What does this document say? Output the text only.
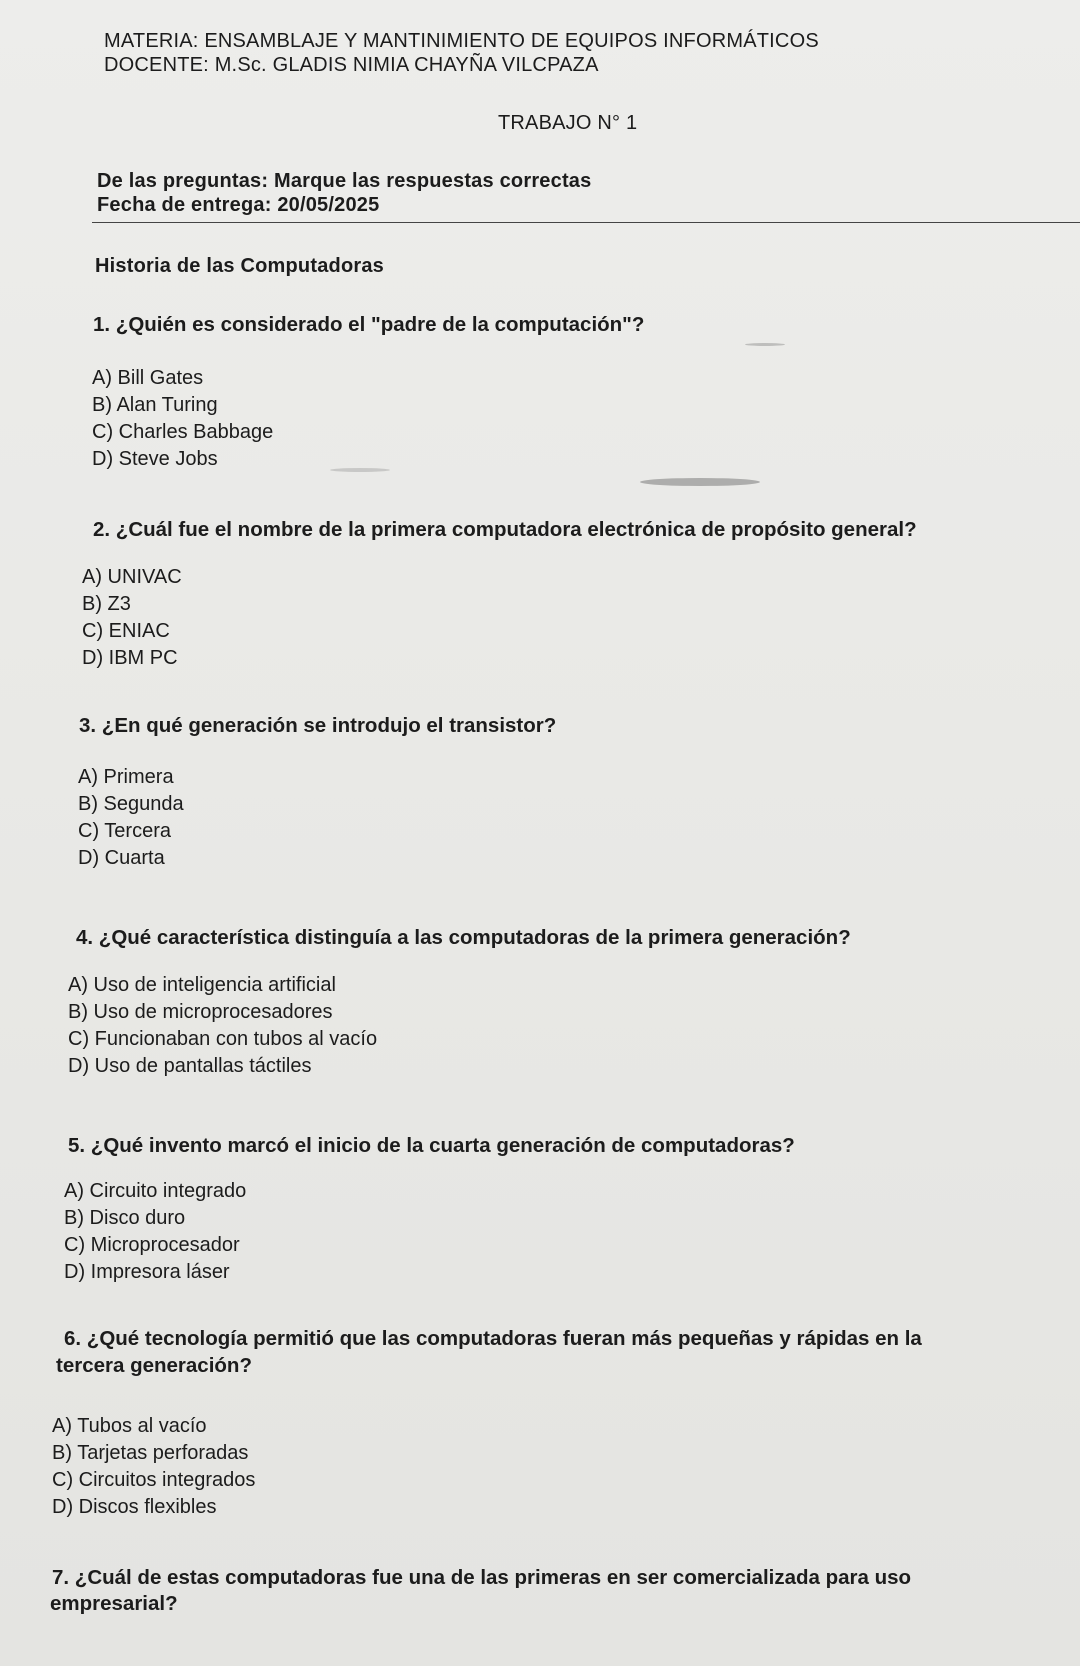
MATERIA: ENSAMBLAJE Y MANTINIMIENTO DE EQUIPOS INFORMÁTICOS
DOCENTE: M.Sc. GLADIS NIMIA CHAYÑA VILCPAZA
TRABAJO N° 1
De las preguntas: Marque las respuestas correctas
Fecha de entrega: 20/05/2025
Historia de las Computadoras
1. ¿Quién es considerado el "padre de la computación"?
A) Bill Gates
B) Alan Turing
C) Charles Babbage
D) Steve Jobs
2. ¿Cuál fue el nombre de la primera computadora electrónica de propósito general?
A) UNIVAC
B) Z3
C) ENIAC
D) IBM PC
3. ¿En qué generación se introdujo el transistor?
A) Primera
B) Segunda
C) Tercera
D) Cuarta
4. ¿Qué característica distinguía a las computadoras de la primera generación?
A) Uso de inteligencia artificial
B) Uso de microprocesadores
C) Funcionaban con tubos al vacío
D) Uso de pantallas táctiles
5. ¿Qué invento marcó el inicio de la cuarta generación de computadoras?
A) Circuito integrado
B) Disco duro
C) Microprocesador
D) Impresora láser
6. ¿Qué tecnología permitió que las computadoras fueran más pequeñas y rápidas en la
tercera generación?
A) Tubos al vacío
B) Tarjetas perforadas
C) Circuitos integrados
D) Discos flexibles
7. ¿Cuál de estas computadoras fue una de las primeras en ser comercializada para uso
empresarial?
